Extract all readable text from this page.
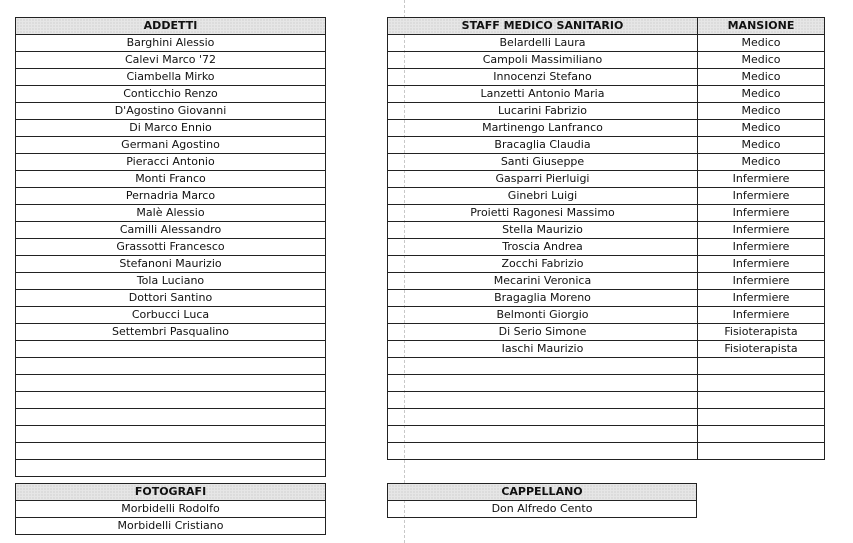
ADDETTI
Barghini Alessio
Calevi Marco '72
Ciambella Mirko
Conticchio Renzo
D'Agostino Giovanni
Di Marco Ennio
Germani Agostino
Pieracci Antonio
Monti Franco
Pernadria Marco
Malè Alessio
Camilli Alessandro
Grassotti Francesco
Stefanoni Maurizio
Tola Luciano
Dottori Santino
Corbucci Luca
Settembri Pasqualino

STAFF MEDICO SANITARIO	MANSIONE
Belardelli Laura	Medico
Campoli Massimiliano	Medico
Innocenzi Stefano	Medico
Lanzetti Antonio Maria	Medico
Lucarini Fabrizio	Medico
Martinengo Lanfranco	Medico
Bracaglia Claudia	Medico
Santi Giuseppe	Medico
Gasparri Pierluigi	Infermiere
Ginebri Luigi	Infermiere
Proietti Ragonesi Massimo	Infermiere
Stella Maurizio	Infermiere
Troscia Andrea	Infermiere
Zocchi Fabrizio	Infermiere
Mecarini Veronica	Infermiere
Bragaglia Moreno	Infermiere
Belmonti Giorgio	Infermiere
Di Serio Simone	Fisioterapista
Iaschi Maurizio	Fisioterapista

FOTOGRAFI
Morbidelli Rodolfo
Morbidelli Cristiano
CAPPELLANO
Don Alfredo Cento
